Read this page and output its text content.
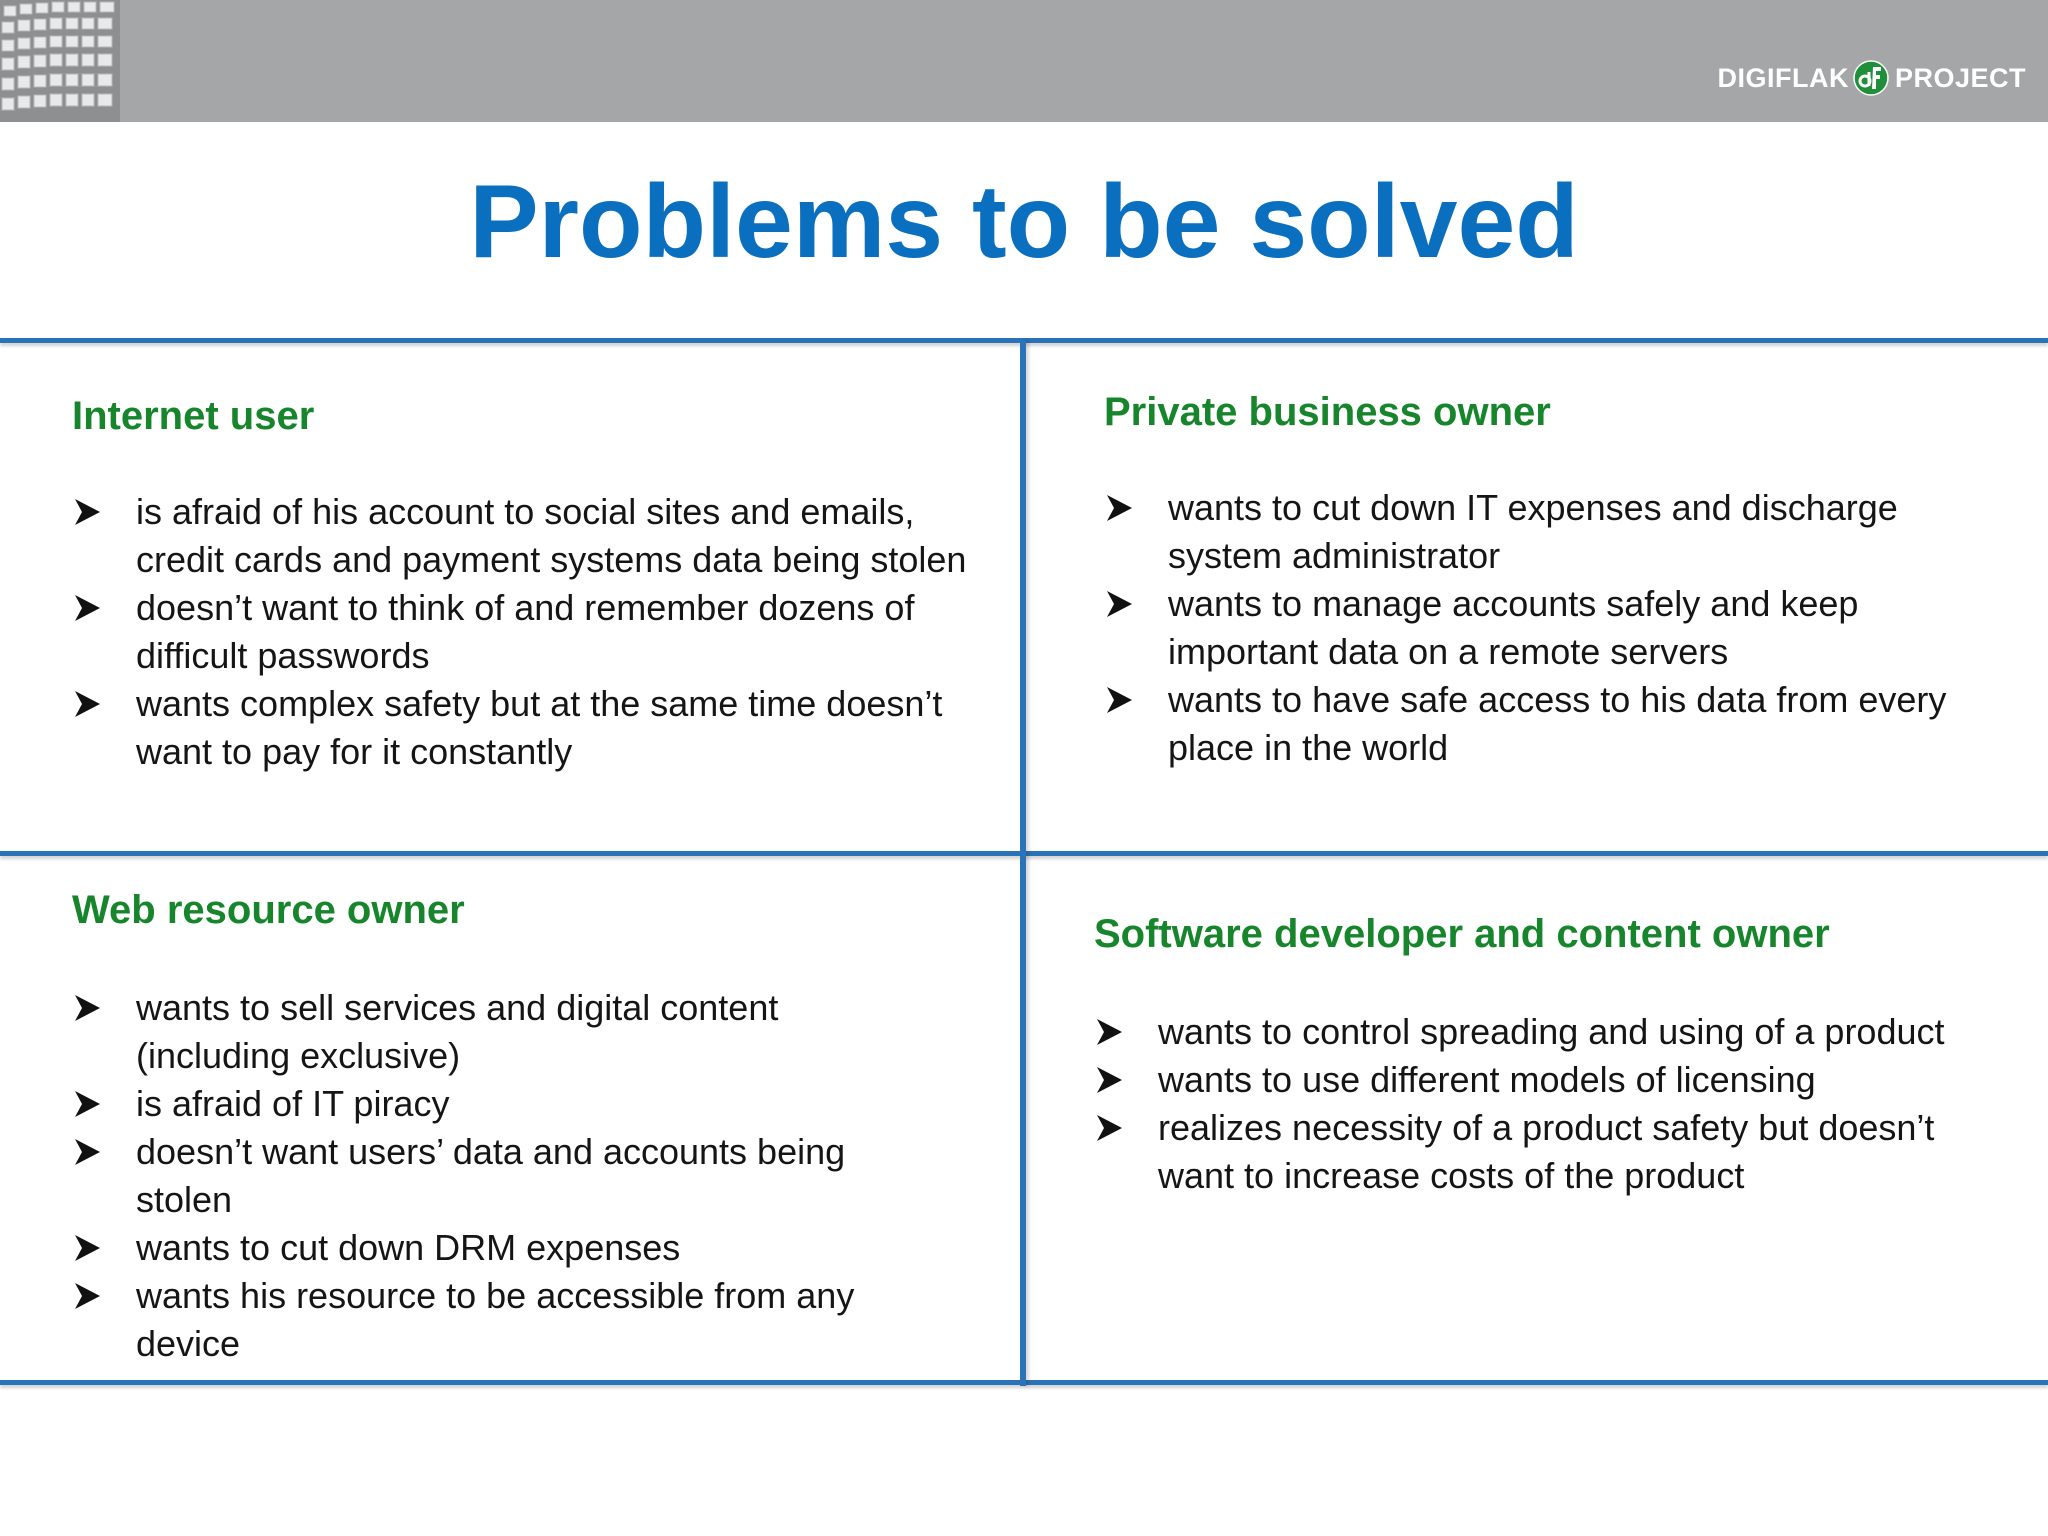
DIGIFLAK PROJECT
Problems to be solved
Internet user
is afraid of his account to social sites and emails, credit cards and payment systems data being stolen
doesn’t want to think of and remember dozens of difficult passwords
wants complex safety but at the same time doesn’t want to pay for it constantly
Private business owner
wants to cut down IT expenses and discharge system administrator
wants to manage accounts safely and keep important data on a remote servers
wants to have safe access to his data from every place in the world
Web resource owner
wants to sell services and digital content (including exclusive)
is afraid of IT piracy
doesn’t want users’ data and accounts being stolen
wants to cut down DRM expenses
wants his resource to be accessible from any device
Software developer and content owner
wants to control spreading and using of a product
wants to use different models of licensing
realizes necessity of a product safety but doesn’t want to increase costs of the product
